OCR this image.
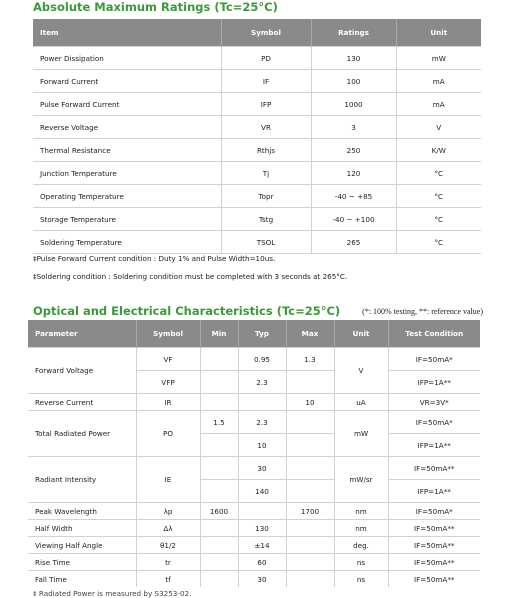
Absolute Maximum Ratings (Tc=25°C)
Item	Symbol	Ratings	Unit
Power Dissipation	PD	130	mW
Forward Current	IF	100	mA
Pulse Forward Current	IFP	1000	mA
Reverse Voltage	VR	3	V
Thermal Resistance	Rthjs	250	K/W
Junction Temperature	Tj	120	°C
Operating Temperature	Topr	-40 ~ +85	°C
Storage Temperature	Tstg	-40 ~ +100	°C
Soldering Temperature	TSOL	265	°C
‡Pulse Forward Current condition : Duty 1% and Pulse Width=10us.
‡Soldering condition : Soldering condition must be completed with 3 seconds at 265°C.
Optical and Electrical Characteristics (Tc=25°C)	(*: 100% testing, **: reference value)
Parameter	Symbol	Min	Typ	Max	Unit	Test Condition
Forward Voltage	VF		0.95	1.3	V	IF=50mA*
	VFP		2.3			IFP=1A**
Reverse Current	IR			10	uA	VR=3V*
Total Radiated Power	PO	1.5	2.3		mW	IF=50mA*
			10			IFP=1A**
Radiant Intensity	IE		30		mW/sr	IF=50mA**
			140			IFP=1A**
Peak Wavelength	λp	1600		1700	nm	IF=50mA*
Half Width	Δλ		130		nm	IF=50mA**
Viewing Half Angle	θ1/2		±14		deg.	IF=50mA**
Rise Time	tr		60		ns	IF=50mA**
Fall Time	tf		30		ns	IF=50mA**
‡ Radiated Power is measured by S3253-02.
